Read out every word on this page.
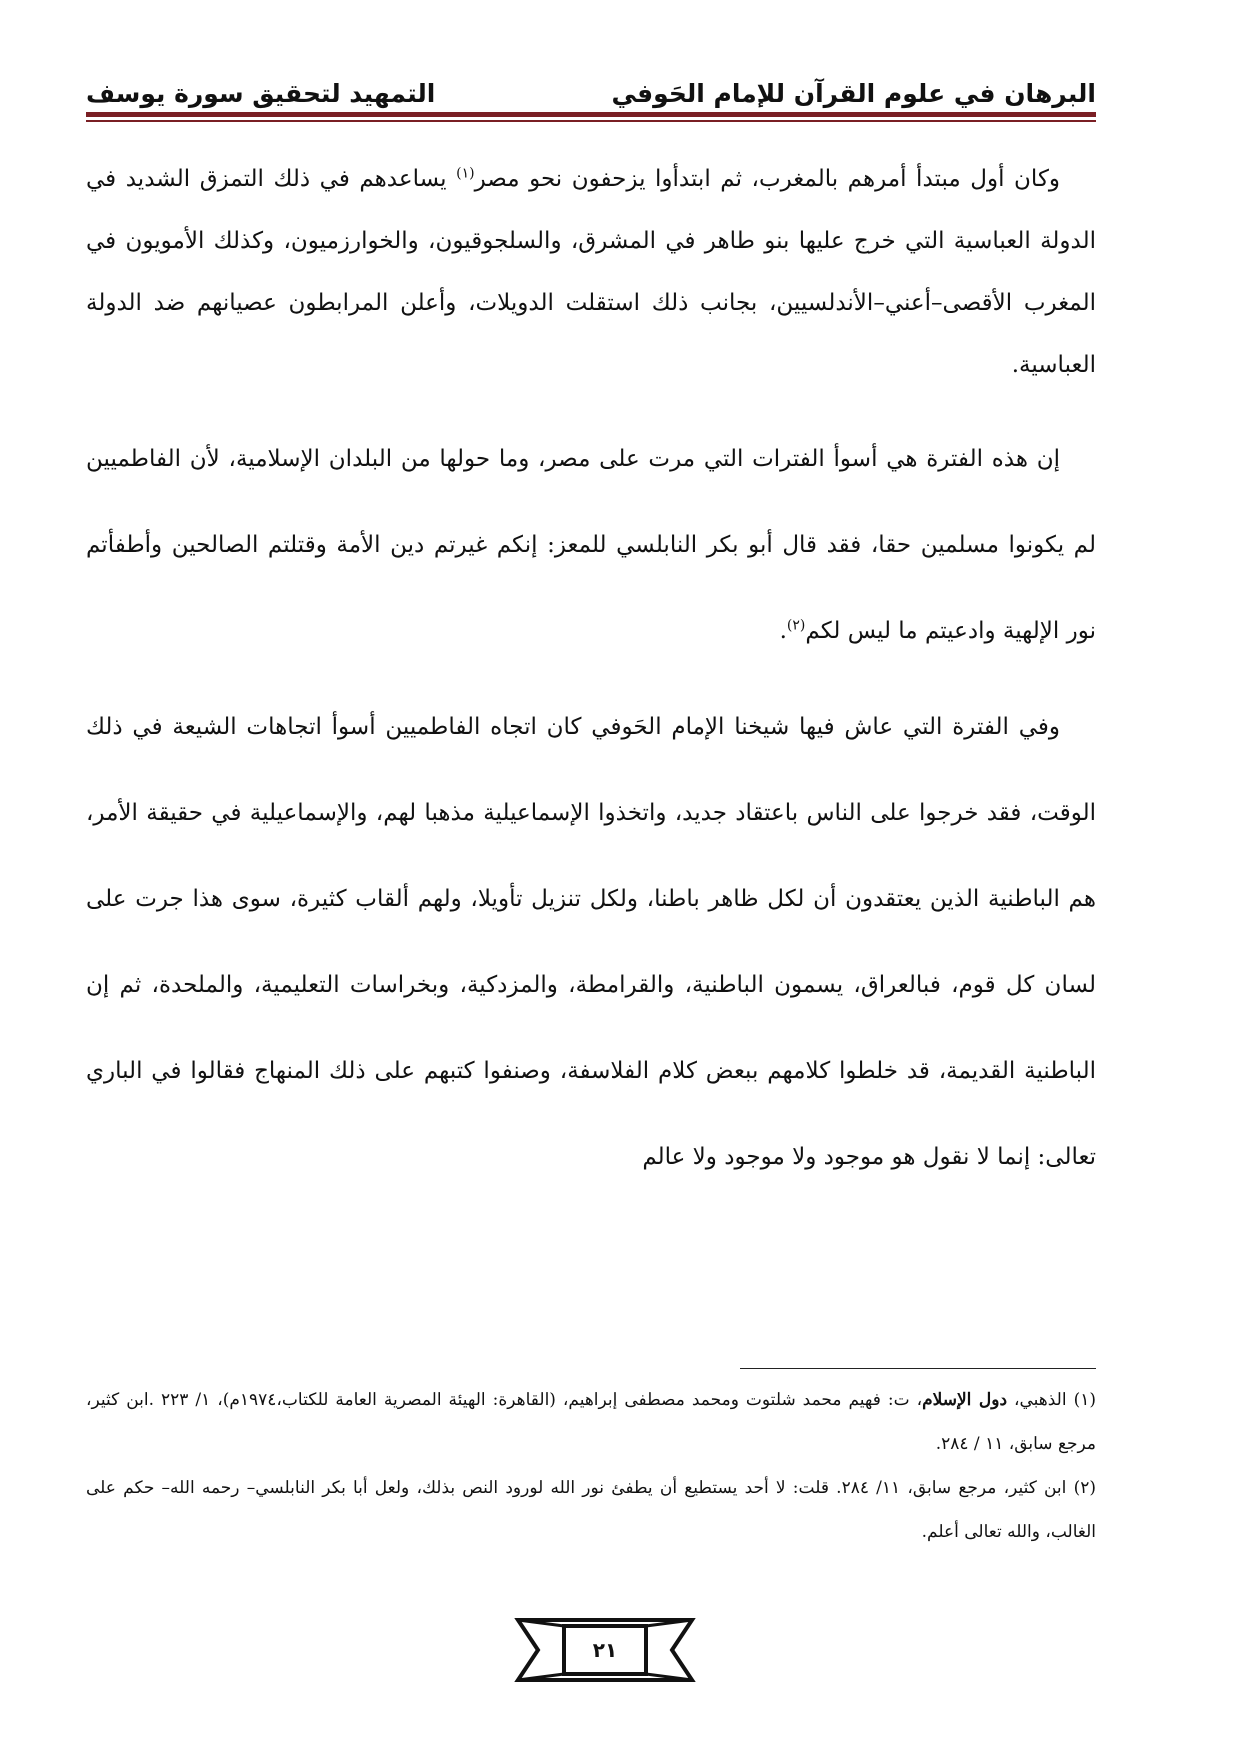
البرهان في علوم القرآن للإمام الحَوفي
التمهيد لتحقيق سورة يوسف

وكان أول مبتدأ أمرهم بالمغرب، ثم ابتدأوا يزحفون نحو مصر$^{(١)}$ يساعدهم في ذلك التمزق الشديد في الدولة العباسية التي خرج عليها بنو طاهر في المشرق، والسلجوقيون، والخوارزميون، وكذلك الأمويون في المغرب الأقصى–أعني–الأندلسيين، بجانب ذلك استقلت الدويلات، وأعلن المرابطون عصيانهم ضد الدولة العباسية.

إن هذه الفترة هي أسوأ الفترات التي مرت على مصر، وما حولها من البلدان الإسلامية، لأن الفاطميين لم يكونوا مسلمين حقا، فقد قال أبو بكر النابلسي للمعز: إنكم غيرتم دين الأمة وقتلتم الصالحين وأطفأتم نور الإلهية وادعيتم ما ليس لكم$^{(٢)}$.

وفي الفترة التي عاش فيها شيخنا الإمام الحَوفي كان اتجاه الفاطميين أسوأ اتجاهات الشيعة في ذلك الوقت، فقد خرجوا على الناس باعتقاد جديد، واتخذوا الإسماعيلية مذهبا لهم، والإسماعيلية في حقيقة الأمر، هم الباطنية الذين يعتقدون أن لكل ظاهر باطنا، ولكل تنزيل تأويلا، ولهم ألقاب كثيرة، سوى هذا جرت على لسان كل قوم، فبالعراق، يسمون الباطنية، والقرامطة، والمزدكية، وبخراسات التعليمية، والملحدة، ثم إن الباطنية القديمة، قد خلطوا كلامهم ببعض كلام الفلاسفة، وصنفوا كتبهم على ذلك المنهاج فقالوا في الباري تعالى: إنما لا نقول هو موجود ولا موجود ولا عالم

(١) الذهبي، دول الإسلام، ت: فهيم محمد شلتوت ومحمد مصطفى إبراهيم، (القاهرة: الهيئة المصرية العامة للكتاب،١٩٧٤م)، ١/ ٢٢٣ .ابن كثير، مرجع سابق، ١١ / ٢٨٤.

(٢) ابن كثير، مرجع سابق، ١١/ ٢٨٤. قلت: لا أحد يستطيع أن يطفئ نور الله لورود النص بذلك، ولعل أبا بكر النابلسي– رحمه الله– حكم على الغالب، والله تعالى أعلم.

٢١
